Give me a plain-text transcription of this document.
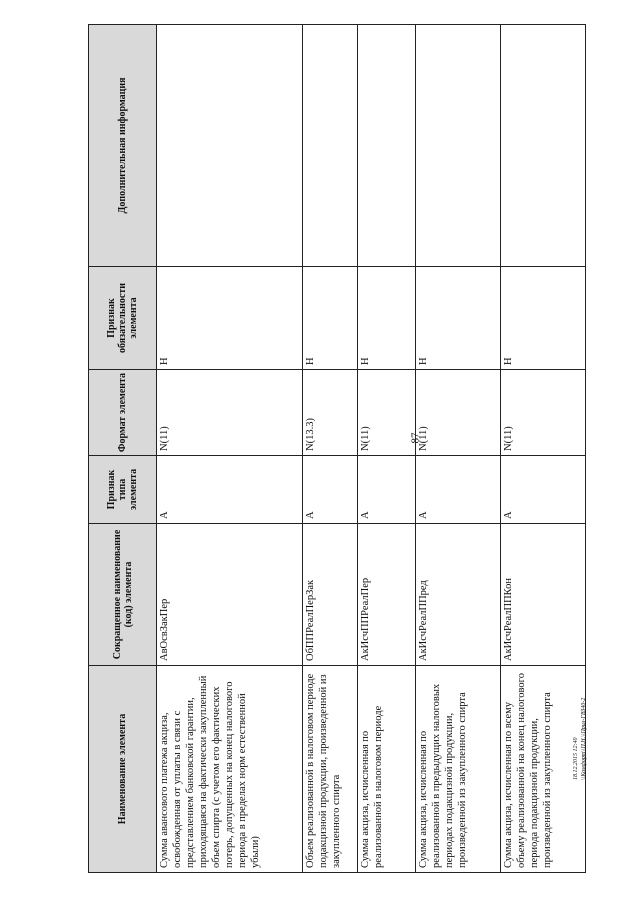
87
18.12.2015 12:40 \\Комфорт\\П.Н.\\Прил-ГВЗ40-2
Наименование элемента	Сокращенное наименование (код) элемента	Признак типа элемента	Формат элемента	Признак обязательности элемента	Дополнительная информация
Сумма авансового платежа акциза, освобожденная от уплаты в связи с представлением банковской гарантии, приходящаяся на фактически закупленный объем спирта (с учетом его фактических потерь, допущенных на конец налогового периода в пределах норм естественной убыли)	АвОсвЗакПер	А	N(11)	Н	
Объем реализованной в налоговом периоде подакцизной продукции, произведенной из закупленного спирта	ОбППРеалПерЗак	А	N(13.3)	Н	
Сумма акциза, исчисленная по реализованной в налоговом периоде	АкИсчППРеалПер	А	N(11)	Н	
Сумма акциза, исчисленная по реализованной в предыдущих налоговых периодах подакцизной продукции, произведенной из закупленного спирта	АкИсчРеалППред	А	N(11)	Н	
Сумма акциза, исчисленная по всему объему реализованной на конец налогового периода подакцизной продукции, произведенной из закупленного спирта	АкИсчРеалППКон	А	N(11)	Н	
